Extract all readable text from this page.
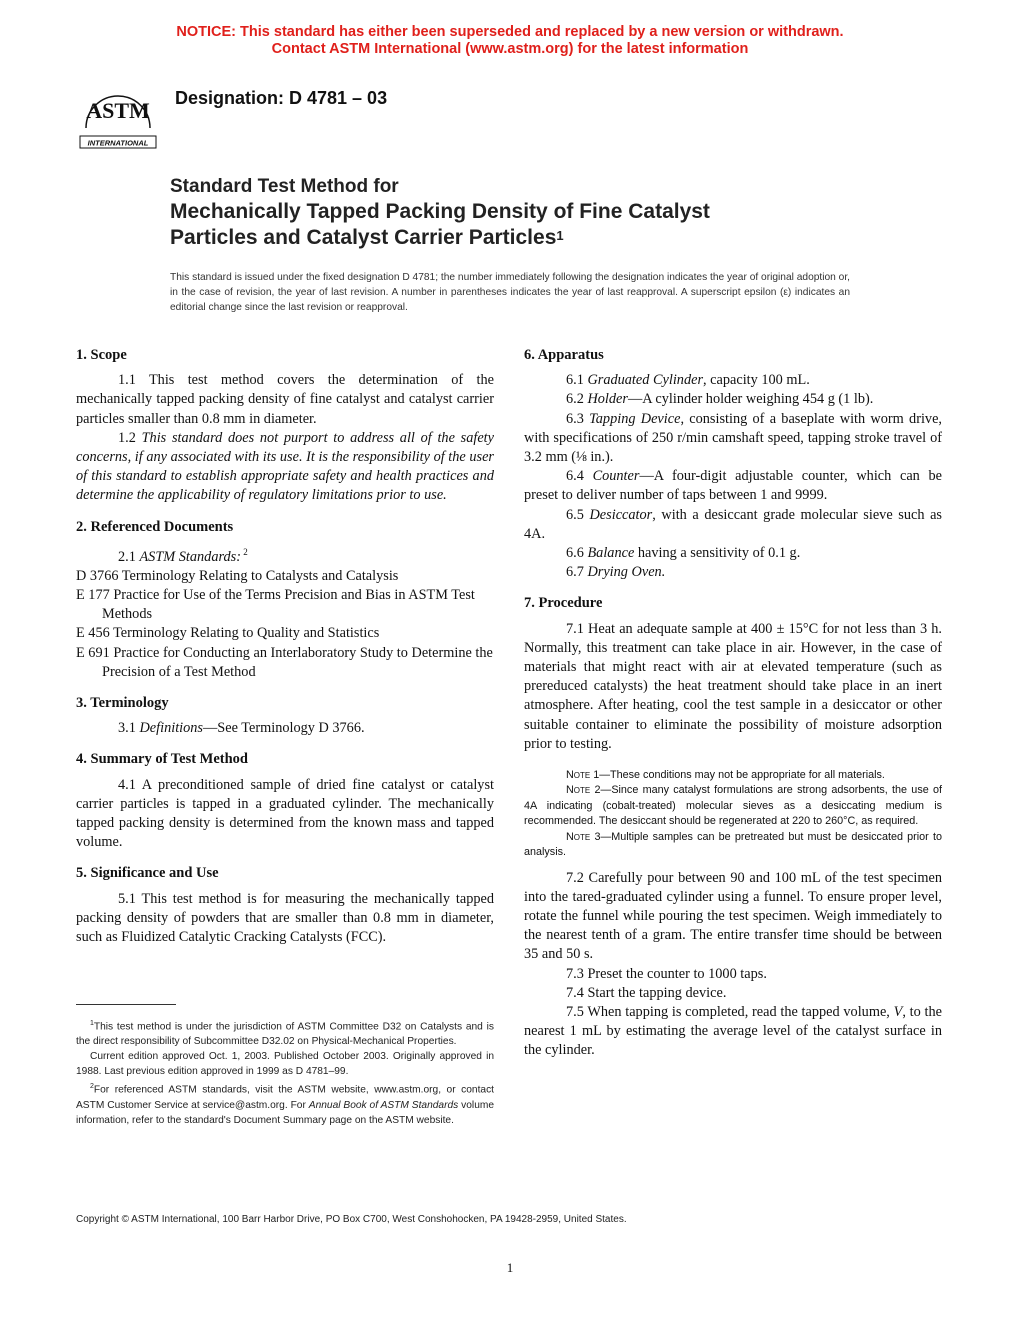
NOTICE: This standard has either been superseded and replaced by a new version or withdrawn.
Contact ASTM International (www.astm.org) for the latest information
ASTM
INTERNATIONAL
Designation: D 4781 – 03
Standard Test Method for
Mechanically Tapped Packing Density of Fine Catalyst
Particles and Catalyst Carrier Particles$^1$
This standard is issued under the fixed designation D 4781; the number immediately following the designation indicates the year of original adoption or, in the case of revision, the year of last revision. A number in parentheses indicates the year of last reapproval. A superscript epsilon (ε) indicates an editorial change since the last revision or reapproval.
1. Scope

1.1 This test method covers the determination of the mechanically tapped packing density of fine catalyst and catalyst carrier particles smaller than 0.8 mm in diameter.

1.2 This standard does not purport to address all of the safety concerns, if any associated with its use. It is the responsibility of the user of this standard to establish appropriate safety and health practices and determine the applicability of regulatory limitations prior to use.

2. Referenced Documents

2.1 ASTM Standards: $^2$

D 3766 Terminology Relating to Catalysts and Catalysis
E 177 Practice for Use of the Terms Precision and Bias in ASTM Test Methods
E 456 Terminology Relating to Quality and Statistics
E 691 Practice for Conducting an Interlaboratory Study to Determine the Precision of a Test Method
3. Terminology

3.1 Definitions—See Terminology D 3766.

4. Summary of Test Method

4.1 A preconditioned sample of dried fine catalyst or catalyst carrier particles is tapped in a graduated cylinder. The mechanically tapped packing density is determined from the known mass and tapped volume.

5. Significance and Use

5.1 This test method is for measuring the mechanically tapped packing density of powders that are smaller than 0.8 mm in diameter, such as Fluidized Catalytic Cracking Catalysts (FCC).

$^1$This test method is under the jurisdiction of ASTM Committee D32 on Catalysts and is the direct responsibility of Subcommittee D32.02 on Physical-Mechanical Properties.

Current edition approved Oct. 1, 2003. Published October 2003. Originally approved in 1988. Last previous edition approved in 1999 as D 4781–99.

$^2$For referenced ASTM standards, visit the ASTM website, www.astm.org, or contact ASTM Customer Service at service@astm.org. For Annual Book of ASTM Standards volume information, refer to the standard's Document Summary page on the ASTM website.

6. Apparatus

6.1 Graduated Cylinder, capacity 100 mL.

6.2 Holder—A cylinder holder weighing 454 g (1 lb).

6.3 Tapping Device, consisting of a baseplate with worm drive, with specifications of 250 r/min camshaft speed, tapping stroke travel of 3.2 mm (⅛ in.).

6.4 Counter—A four-digit adjustable counter, which can be preset to deliver number of taps between 1 and 9999.

6.5 Desiccator, with a desiccant grade molecular sieve such as 4A.

6.6 Balance having a sensitivity of 0.1 g.

6.7 Drying Oven.

7. Procedure

7.1 Heat an adequate sample at 400 ± 15°C for not less than 3 h. Normally, this treatment can take place in air. However, in the case of materials that might react with air at elevated temperature (such as prereduced catalysts) the heat treatment should take place in an inert atmosphere. After heating, cool the test sample in a desiccator or other suitable container to eliminate the possibility of moisture adsorption prior to testing.

Note 1—These conditions may not be appropriate for all materials.

Note 2—Since many catalyst formulations are strong adsorbents, the use of 4A indicating (cobalt-treated) molecular sieves as a desiccating medium is recommended. The desiccant should be regenerated at 220 to 260°C, as required.

Note 3—Multiple samples can be pretreated but must be desiccated prior to analysis.

7.2 Carefully pour between 90 and 100 mL of the test specimen into the tared-graduated cylinder using a funnel. To ensure proper level, rotate the funnel while pouring the test specimen. Weigh immediately to the nearest tenth of a gram. The entire transfer time should be between 35 and 50 s.

7.3 Preset the counter to 1000 taps.

7.4 Start the tapping device.

7.5 When tapping is completed, read the tapped volume, V, to the nearest 1 mL by estimating the average level of the catalyst surface in the cylinder.

Copyright © ASTM International, 100 Barr Harbor Drive, PO Box C700, West Conshohocken, PA 19428-2959, United States.
1
